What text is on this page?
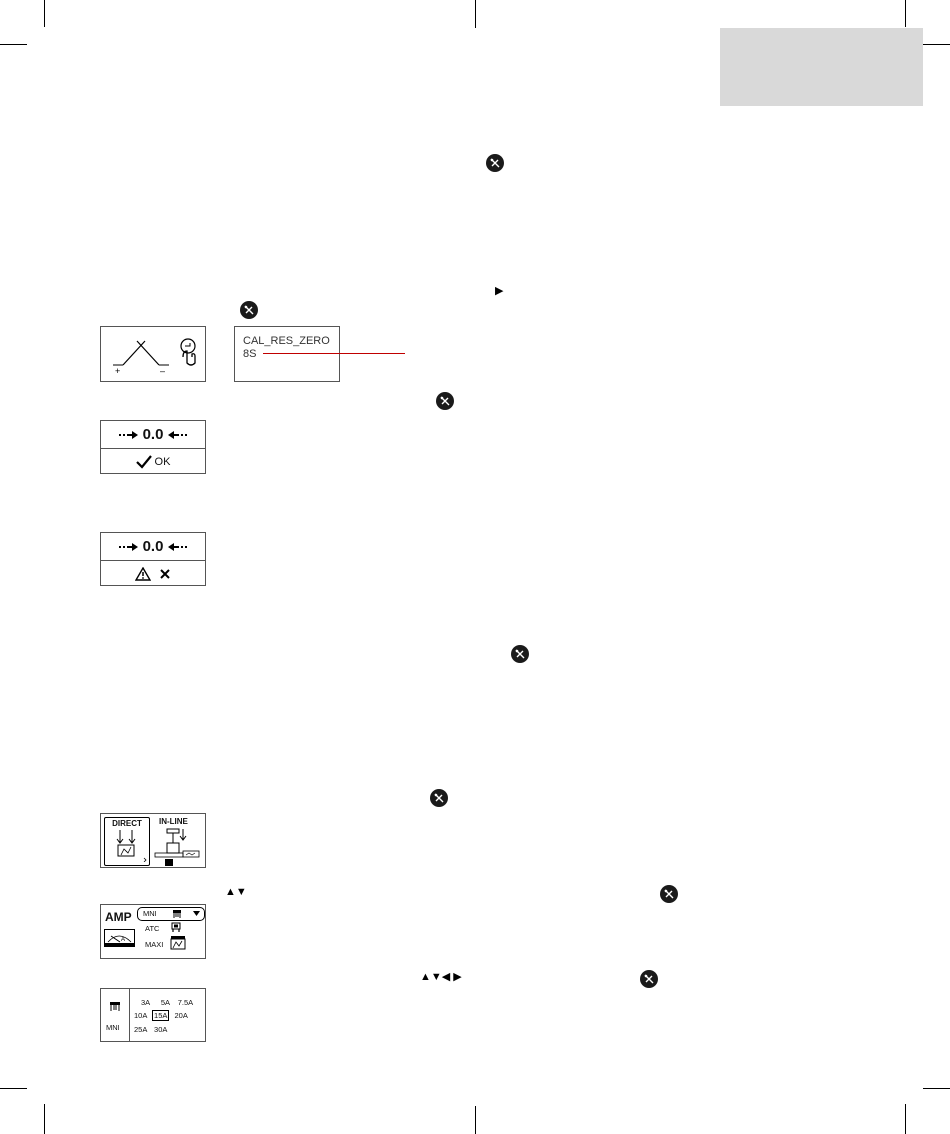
▶
+	–
CAL_RES_ZERO
8S
0.0
OK
0.0
DIRECT	IN-LINE
▲▼
AMP
A
MNI
ATC
MAXI
▲▼◀ ▶
MNI
3A 5A 7.5A
10A 15A 20A
25A 30A
